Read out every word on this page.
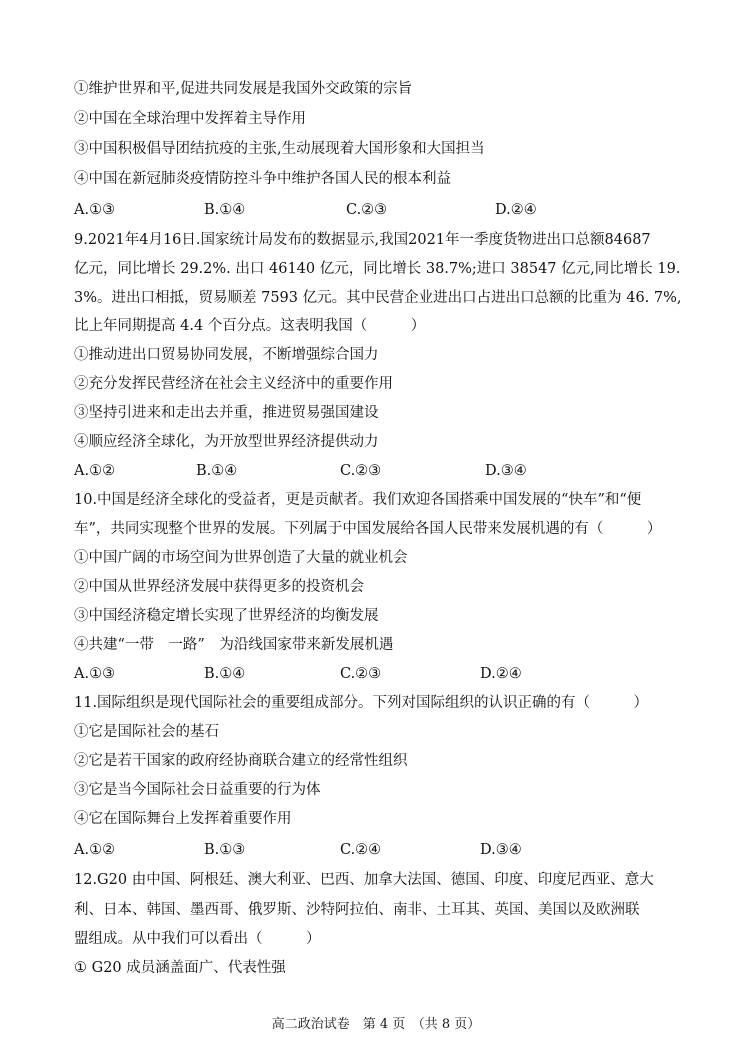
①维护世界和平,促进共同发展是我国外交政策的宗旨
②中国在全球治理中发挥着主导作用
③中国积极倡导团结抗疫的主张,生动展现着大国形象和大国担当
④中国在新冠肺炎疫情防控斗争中维护各国人民的根本利益
A.①③	B.①④	C.②③	D.②④
9.2021年4月16日.国家统计局发布的数据显示,我国2021年一季度货物进出口总额84687
亿元，同比增长 29.2%. 出口 46140 亿元，同比增长 38.7%;进口 38547 亿元,同比增长 19.
3%。进出口相抵，贸易顺差 7593 亿元。其中民营企业进出口占进出口总额的比重为 46. 7%,
比上年同期提高 4.4 个百分点。这表明我国（　　　）
①推动进出口贸易协同发展，不断增强综合国力
②充分发挥民营经济在社会主义经济中的重要作用
③坚持引进来和走出去并重，推进贸易强国建设
④顺应经济全球化，为开放型世界经济提供动力
A.①②	B.①④	C.②③	D.③④
10.中国是经济全球化的受益者，更是贡献者。我们欢迎各国搭乘中国发展的“快车”和“便
车”，共同实现整个世界的发展。下列属于中国发展给各国人民带来发展机遇的有（　　　）
①中国广阔的市场空间为世界创造了大量的就业机会
②中国从世界经济发展中获得更多的投资机会
③中国经济稳定增长实现了世界经济的均衡发展
④共建“一带　一路”　为沿线国家带来新发展机遇
A.①③	B.①④	C.②③	D.②④
11.国际组织是现代国际社会的重要组成部分。下列对国际组织的认识正确的有（　　　）
①它是国际社会的基石
②它是若干国家的政府经协商联合建立的经常性组织
③它是当今国际社会日益重要的行为体
④它在国际舞台上发挥着重要作用
A.①②	B.①③	C.②④	D.③④
12.G20 由中国、阿根廷、澳大利亚、巴西、加拿大法国、德国、印度、印度尼西亚、意大
利、日本、韩国、墨西哥、俄罗斯、沙特阿拉伯、南非、土耳其、英国、美国以及欧洲联
盟组成。从中我们可以看出（　　　）
① G20 成员涵盖面广、代表性强
高二政治试卷　第 4 页　（共 8 页）
